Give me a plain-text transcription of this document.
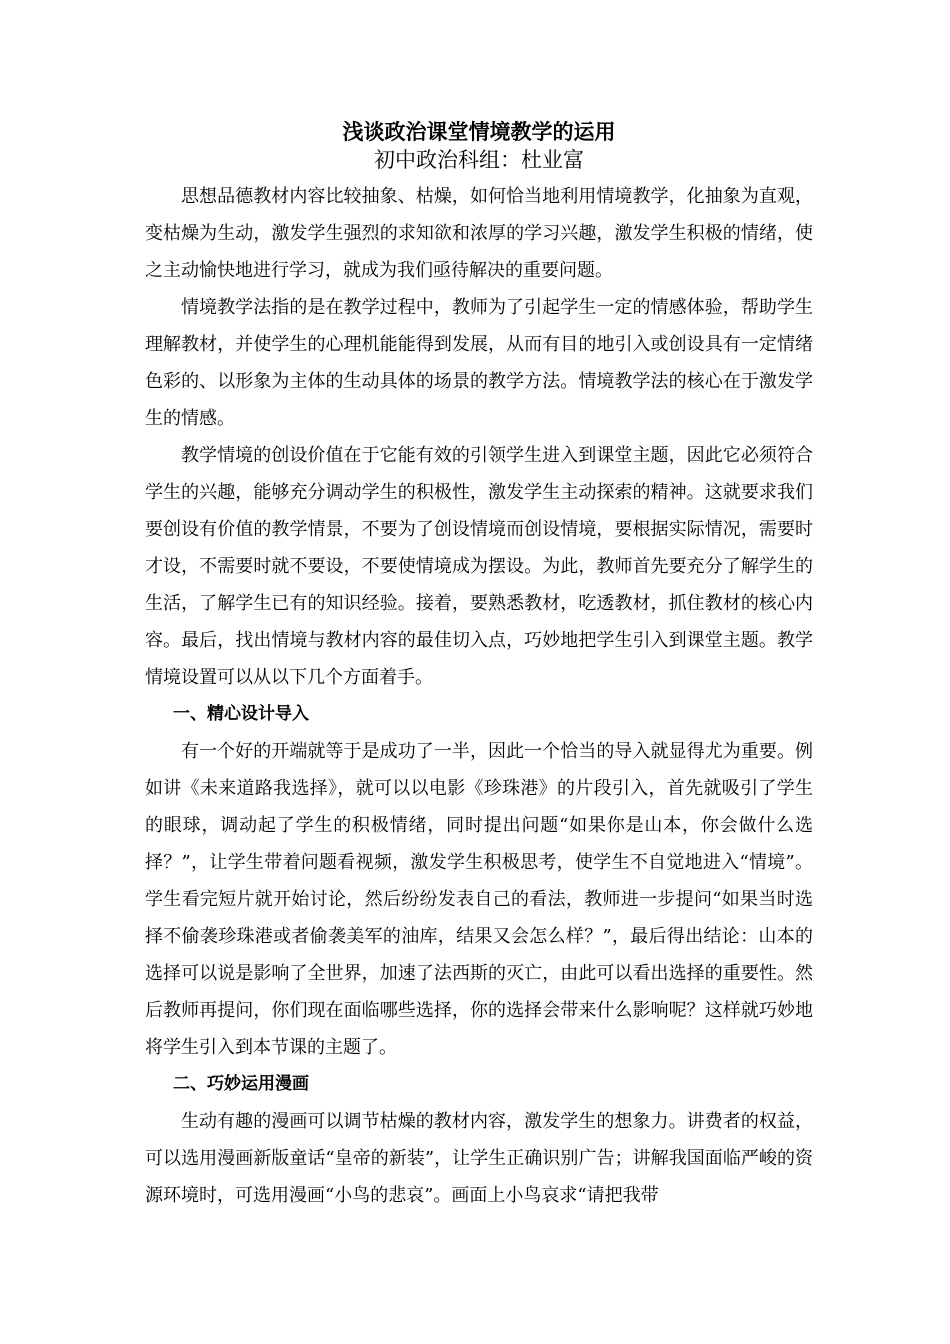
浅谈政治课堂情境教学的运用

初中政治科组：杜业富

思想品德教材内容比较抽象、枯燥，如何恰当地利用情境教学，化抽象为直观，变枯燥为生动，激发学生强烈的求知欲和浓厚的学习兴趣，激发学生积极的情绪，使之主动愉快地进行学习，就成为我们亟待解决的重要问题。

情境教学法指的是在教学过程中，教师为了引起学生一定的情感体验，帮助学生理解教材，并使学生的心理机能能得到发展，从而有目的地引入或创设具有一定情绪色彩的、以形象为主体的生动具体的场景的教学方法。情境教学法的核心在于激发学生的情感。

教学情境的创设价值在于它能有效的引领学生进入到课堂主题，因此它必须符合学生的兴趣，能够充分调动学生的积极性，激发学生主动探索的精神。这就要求我们要创设有价值的教学情景，不要为了创设情境而创设情境，要根据实际情况，需要时才设，不需要时就不要设，不要使情境成为摆设。为此，教师首先要充分了解学生的生活，了解学生已有的知识经验。接着，要熟悉教材，吃透教材，抓住教材的核心内容。最后，找出情境与教材内容的最佳切入点，巧妙地把学生引入到课堂主题。教学情境设置可以从以下几个方面着手。

一、精心设计导入

有一个好的开端就等于是成功了一半，因此一个恰当的导入就显得尤为重要。例如讲《未来道路我选择》，就可以以电影《珍珠港》的片段引入，首先就吸引了学生的眼球，调动起了学生的积极情绪，同时提出问题“如果你是山本，你会做什么选择？”，让学生带着问题看视频，激发学生积极思考，使学生不自觉地进入“情境”。学生看完短片就开始讨论，然后纷纷发表自己的看法，教师进一步提问“如果当时选择不偷袭珍珠港或者偷袭美军的油库，结果又会怎么样？”，最后得出结论：山本的选择可以说是影响了全世界，加速了法西斯的灭亡，由此可以看出选择的重要性。然后教师再提问，你们现在面临哪些选择，你的选择会带来什么影响呢？这样就巧妙地将学生引入到本节课的主题了。

二、巧妙运用漫画

生动有趣的漫画可以调节枯燥的教材内容，激发学生的想象力。讲费者的权益，可以选用漫画新版童话“皇帝的新装”，让学生正确识别广告；讲解我国面临严峻的资源环境时，可选用漫画“小鸟的悲哀”。画面上小鸟哀求“请把我带
